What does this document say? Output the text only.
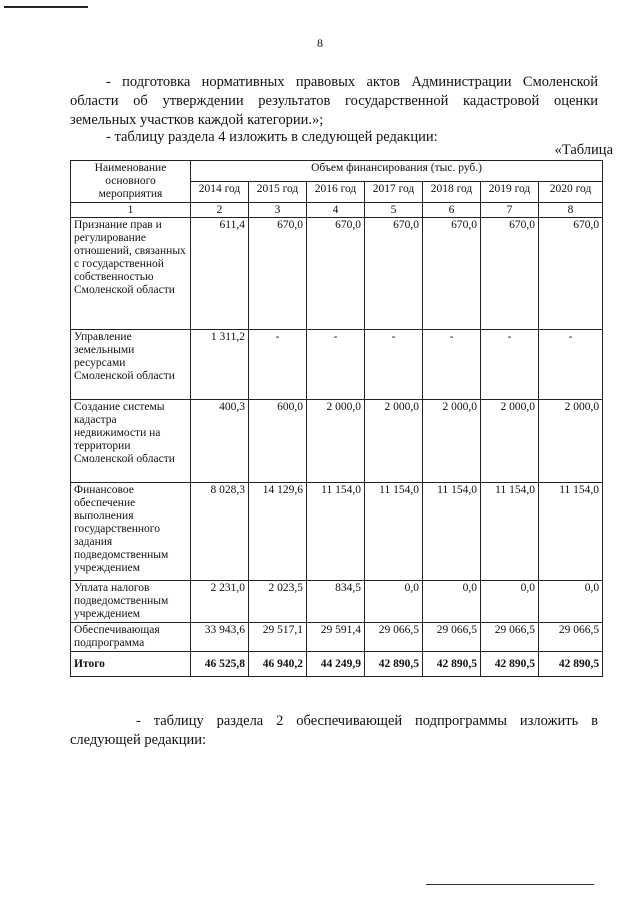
8
- подготовка нормативных правовых актов Администрации Смоленской области об утверждении результатов государственной кадастровой оценки земельных участков каждой категории.»;
- таблицу раздела 4 изложить в следующей редакции:
«Таблица
Наименование основного мероприятия	Объем финансирования (тыс. руб.)						
	2014 год	2015 год	2016 год	2017 год	2018 год	2019 год	2020 год
1	2	3	4	5	6	7	8
Признание прав и регулирование отношений, связанных с государственной собственностью Смоленской области	611,4	670,0	670,0	670,0	670,0	670,0	670,0
Управление земельными ресурсами Смоленской области	1 311,2	-	-	-	-	-	-
Создание системы кадастра недвижимости на территории Смоленской области	400,3	600,0	2 000,0	2 000,0	2 000,0	2 000,0	2 000,0
Финансовое обеспечение выполнения государственного задания подведомственным учреждением	8 028,3	14 129,6	11 154,0	11 154,0	11 154,0	11 154,0	11 154,0
Уплата налогов подведомственным учреждением	2 231,0	2 023,5	834,5	0,0	0,0	0,0	0,0
Обеспечивающая подпрограмма	33 943,6	29 517,1	29 591,4	29 066,5	29 066,5	29 066,5	29 066,5
Итого	46 525,8	46 940,2	44 249,9	42 890,5	42 890,5	42 890,5	42 890,5
- таблицу раздела 2 обеспечивающей подпрограммы изложить в следующей редакции:
